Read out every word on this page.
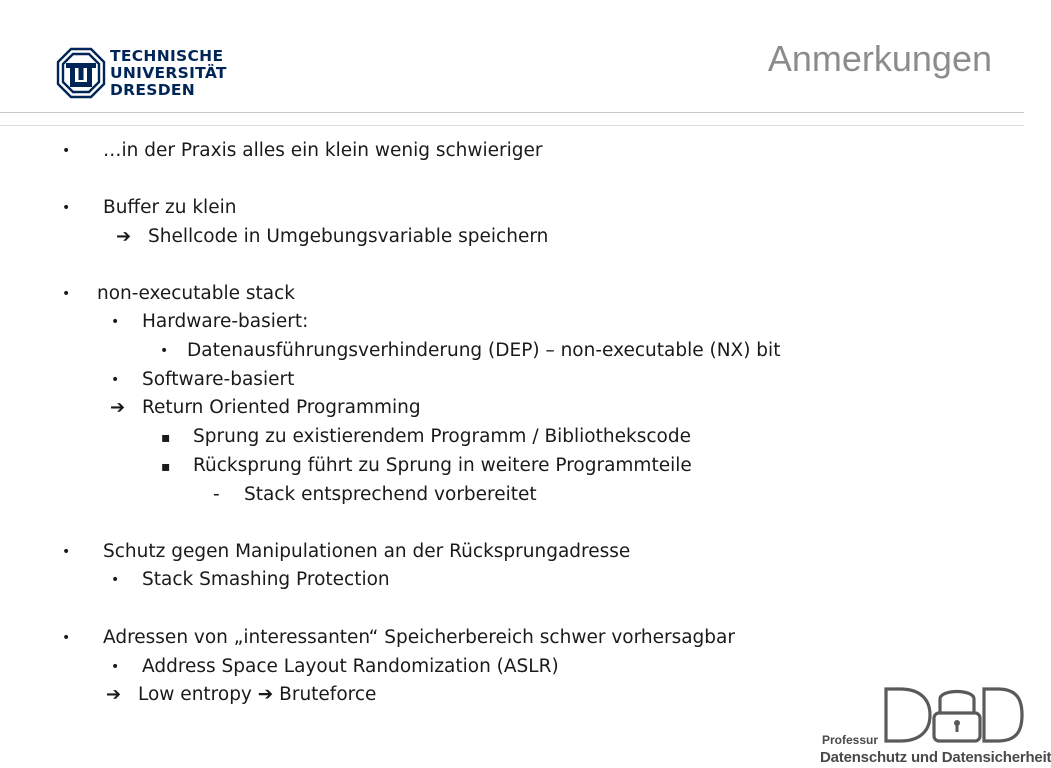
TECHNISCHE
UNIVERSITÄT
DRESDEN
Anmerkungen
• …in der Praxis alles ein klein wenig schwieriger
• Buffer zu klein
➔ Shellcode in Umgebungsvariable speichern
• non-executable stack
• Hardware-basiert:
• Datenausführungsverhinderung (DEP) – non-executable (NX) bit
• Software-basiert
➔ Return Oriented Programming
▪ Sprung zu existierendem Programm / Bibliothekscode
▪ Rücksprung führt zu Sprung in weitere Programmteile
- Stack entsprechend vorbereitet
• Schutz gegen Manipulationen an der Rücksprungadresse
• Stack Smashing Protection
• Adressen von „interessanten“ Speicherbereich schwer vorhersagbar
• Address Space Layout Randomization (ASLR)
➔ Low entropy ➔ Bruteforce
Professur
Datenschutz und Datensicherheit
